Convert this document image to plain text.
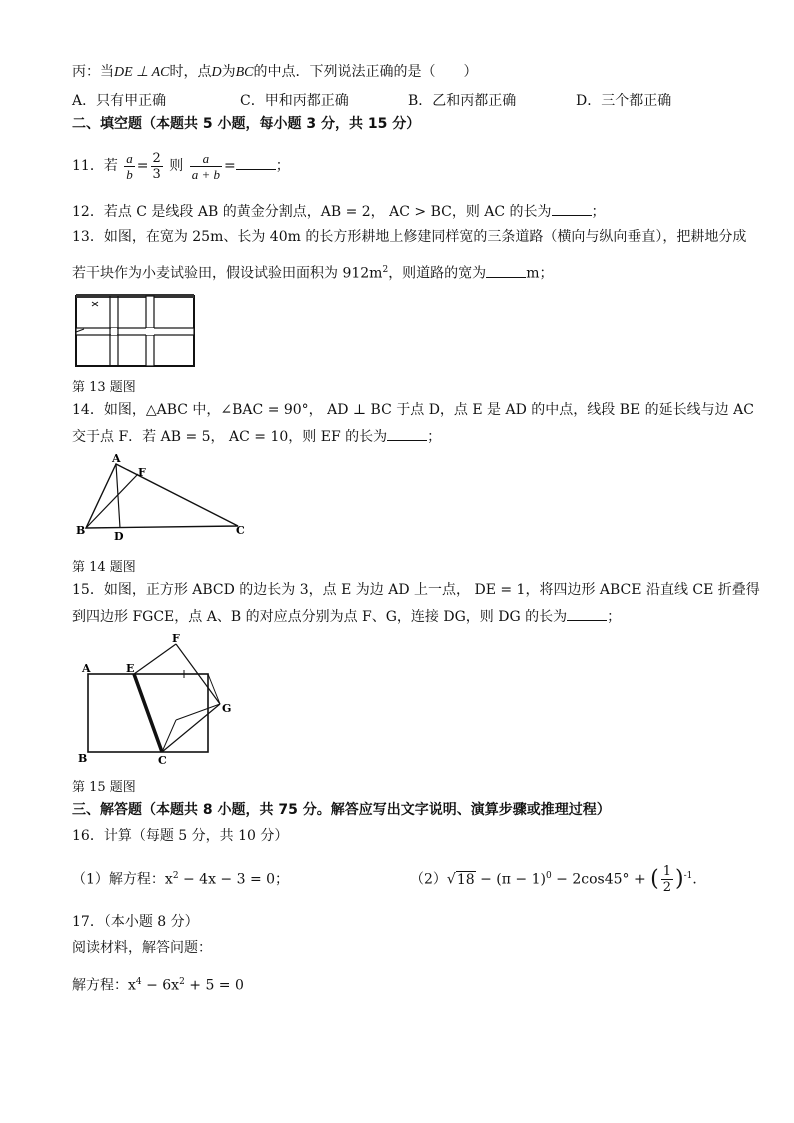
丙：当DE ⊥ AC时，点D为BC的中点．下列说法正确的是（　　）
A．只有甲正确	C．甲和丙都正确	B．乙和丙都正确	D．三个都正确
二、填空题（本题共 5 小题，每小题 3 分，共 15 分）
11．若 $\frac{a}{b} = \frac{2}{3}$ 则 $\frac{a}{a + b}$ =	；
12．若点 C 是线段 AB 的黄金分割点，AB = 2， AC > BC，则 AC 的长为	；
13．如图，在宽为 25m、长为 40m 的长方形耕地上修建同样宽的三条道路（横向与纵向垂直），把耕地分成
若干块作为小麦试验田，假设试验田面积为 $912m^2$，则道路的宽为	m；
第 13 题图
14．如图，△ABC 中，∠BAC = 90°， AD ⊥ BC 于点 D，点 E 是 AD 的中点，线段 BE 的延长线与边 AC
交于点 F．若 AB = 5， AC = 10，则 EF 的长为	；
A
F
B	D	C
第 14 题图
15．如图，正方形 ABCD 的边长为 3，点 E 为边 AD 上一点， DE = 1，将四边形 ABCE 沿直线 CE 折叠得
到四边形 FGCE，点 A、B 的对应点分别为点 F、G，连接 DG，则 DG 的长为	；
A	E
F
G
B	C
第 15 题图
三、解答题（本题共 8 小题，共 75 分。解答应写出文字说明、演算步骤或推理过程）
16．计算（每题 5 分，共 10 分）
（1）解方程：$x^2 - 4x - 3 = 0$；	$(2)√18 - (\pi - 1)^0 - 2\cos 45^\circ$ + ( $\frac{1}{2} )^{-1}$．
17．（本小题 8 分）
阅读材料，解答问题：
解方程：$x^4 - 6x^2 + 5 = 0$
